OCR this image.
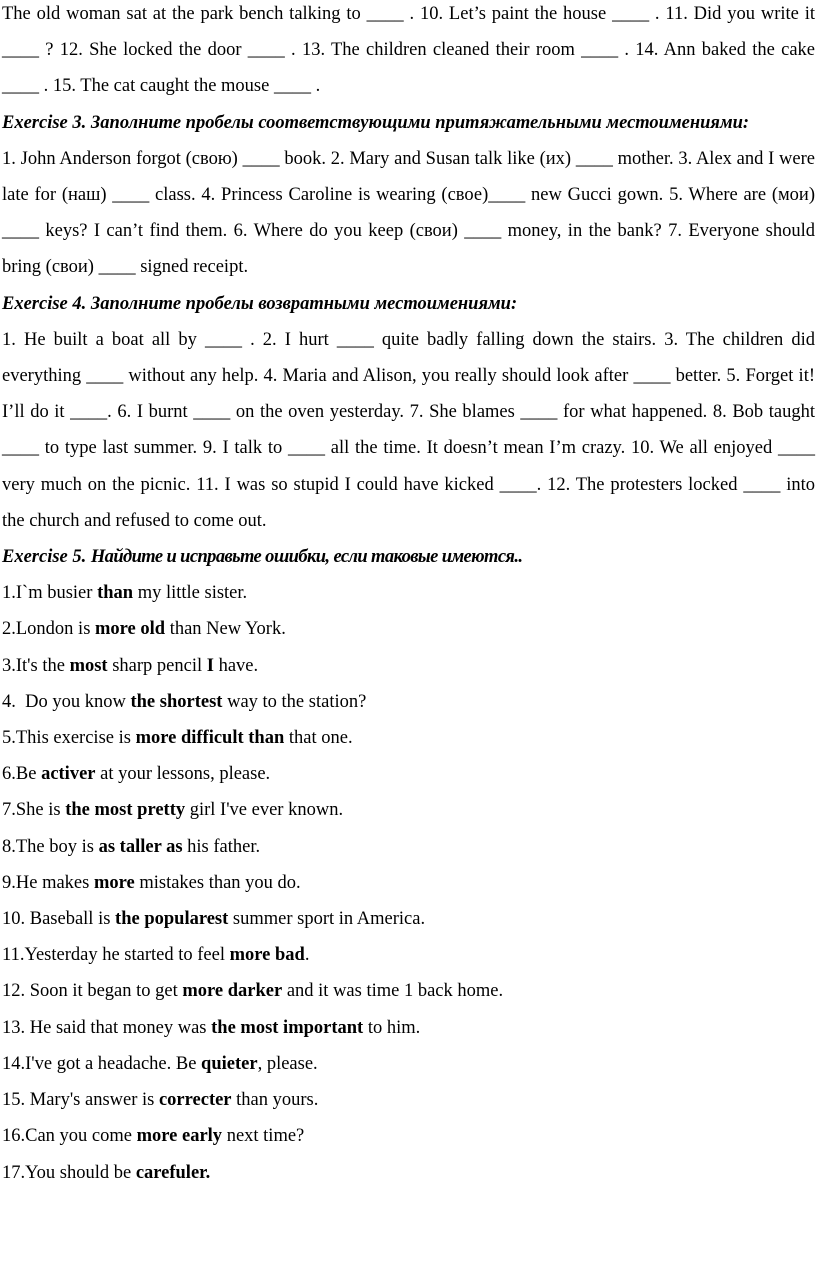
The old woman sat at the park bench talking to ____ . 10. Let’s paint the house ____ . 11. Did you write it ____ ? 12. She locked the door ____ . 13. The children cleaned their room ____ . 14. Ann baked the cake ____ . 15. The cat caught the mouse ____ .

Exercise 3. Заполните пробелы соответствующими притяжательными местоимениями:

1. John Anderson forgot (свою) ____ book. 2. Mary and Susan talk like (их) ____ mother. 3. Alex and I were late for (наш) ____ class. 4. Princess Caroline is wearing (свое)____ new Gucci gown. 5. Where are (мои) ____ keys? I can’t find them. 6. Where do you keep (свои) ____ money, in the bank? 7. Everyone should bring (свои) ____ signed receipt.

Exercise 4. Заполните пробелы возвратными местоимениями:

1. He built a boat all by ____ . 2. I hurt ____ quite badly falling down the stairs. 3. The children did everything ____ without any help. 4. Maria and Alison, you really should look after ____ better. 5. Forget it! I’ll do it ____. 6. I burnt ____ on the oven yesterday. 7. She blames ____ for what happened. 8. Bob taught ____ to type last summer. 9. I talk to ____ all the time. It doesn’t mean I’m crazy. 10. We all enjoyed ____ very much on the picnic. 11. I was so stupid I could have kicked ____. 12. The protesters locked ____ into the church and refused to come out.

Exercise 5. Найдите и исправьте ошибки, если таковые имеются..

1.I`m busier than my little sister.
2.London is more old than New York.
3.It's the most sharp pencil I have.
4.  Do you know the shortest way to the station?
5.This exercise is more difficult than that one.
6.Be activer at your lessons, please.
7.She is the most pretty girl I've ever known.
8.The boy is as taller as his father.
9.He makes more mistakes than you do.
10. Baseball is the popularest summer sport in America.
11.Yesterday he started to feel more bad.
12. Soon it began to get more darker and it was time 1 back home.
13. He said that money was the most important to him.
14.I've got a headache. Be quieter, please.
15. Mary's answer is correcter than yours.
16.Can you come more early next time?
17.You should be carefuler.
